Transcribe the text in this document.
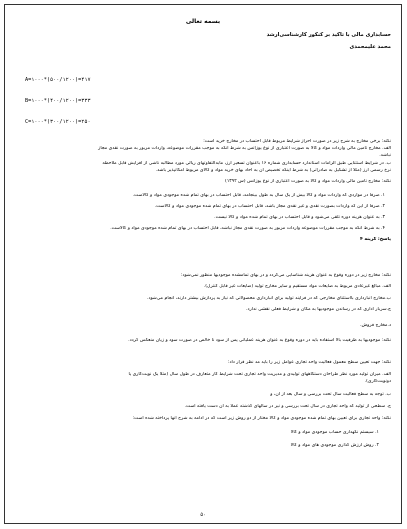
بسمه تعالی
حسابداری مالی با تاکید بر کنکور کارشناسی‌ارشد
محمد علیمحمدی
A=۱۰۰۰*(۵۰۰/۱۲۰۰)=۴۱۷
B=۱۰۰۰*(۴۰۰/۱۲۰۰)=۳۳۳
C=۱۰۰۰*(۳۰۰/۱۲۰۰)=۲۵۰
نکته: برخی مخارج به شرح زیر در صورت احراز شرایط مربوط قابل احتساب در مخارج خرید است:
الف. مخارج تأمین مالی واردات مواد و کالا به صورت اعتباری از نوع یوزانس به شرط آنکه به موجب مقررات موضوعه، واردات مزبور به صورت نقدی مجاز
نباشد.
ب. در شرایط استثنایی طبق الزامات استاندارد حسابداری شماره ۱۶ باعنوان تسعیر ارز، مابه‌التفاوتهای ریالی مورد مطالبه ناشی از افزایش قابل ملاحظه
نرخ رسمی ارز (مثلاً از تشکیل به صادراتی) به شرط اینکه تخصیص آن به آحاد بهای خرید مواد و کالای مربوط امکانپذیر باشد.
نکته: مخارج تامین مالی واردات مواد و کالا به صورت اعتباری از نوع یوزانس (س ۱۳۹۲)
۱. صرفاً در مواردی که واردات مواد و کالا بیش از یک سال به طول بینجامد، قابل احتساب در بهای تمام شده موجودی مواد و کالاست.
۲. صرفاً از این که واردات بصورت نقدی و غیر نقدی مجاز باشد، قابل احتساب در بهای تمام شده موجودی مواد و کالاست.
۳. به عنوان هزینه دوره تلقی می‌شود و قابل احتساب در بهای تمام شده مواد و کالا نیست.
۴. به شرط آنکه به موجب مقررات موضوعه واردات مزبور به صورت نقدی مجاز نباشد، قابل احتساب در بهای تمام شده موجودی مواد و کالاست.
پاسخ: گزینه ۴
نکته: مخارج زیر در دوره وقوع به عنوان هزینه شناسایی می‌گردد و در بهای تمامشده موجودیها منظور نمی‌شود:
الف. مبالغ غیرعادی مربوط به ضایعات مواد مستقیم و سایر مخارج تولید (ضایعات غیر قابل کنترل).
ب.مخارج انبارداری بااستثنای مخارجی که در فرایند تولید برای انبارداری محصولاتی که نیاز به پردازش بیشتر دارند، انجام می‌شود.
ج.سربار اداری که در رساندن موجودیها به مکان و شرایط فعلی نقشی ندارد.
د.مخارج فروش.
نکته: موجودیها به ظرفیت بالا استفاده باید در دوره وقوع به عنوان هزینه عملیاتی پس از سود نا خالص در صورت سود و زیان منعکس گردد.
نکته: جهت تعیین سطح معمول فعالیت واحد تجاری عوامل زیر را باید مد نظر قرار داد:
الف. میزان تولید مورد نظر طراحان دستگاههای تولیدی و مدیریت واحد تجاری تحت شرایط کار متعارف در طول سال (مثلاً یک نوبت‌کاری یا
دونوبت‌کاری).
ب. توجه به سطح فعالیت سال تحت بررسی و سال بعد از آن، و
ج. سطحی از تولید که واحد تجاری در سال تحت بررسی و نیز در سالهای گذشته عملاً به آن دست یافته است.
نکته: واحد تجاری برای تعیین بهای تمام شده موجودی مواد و کالا مختار از دو روش زیر است که در ادامه به شرح آنها پرداخته شده است:
۱. سیستم نگهداری حساب موجودی مواد و کالا
۲. روش ارزش گذاری موجودی های مواد و کالا
۵۰
